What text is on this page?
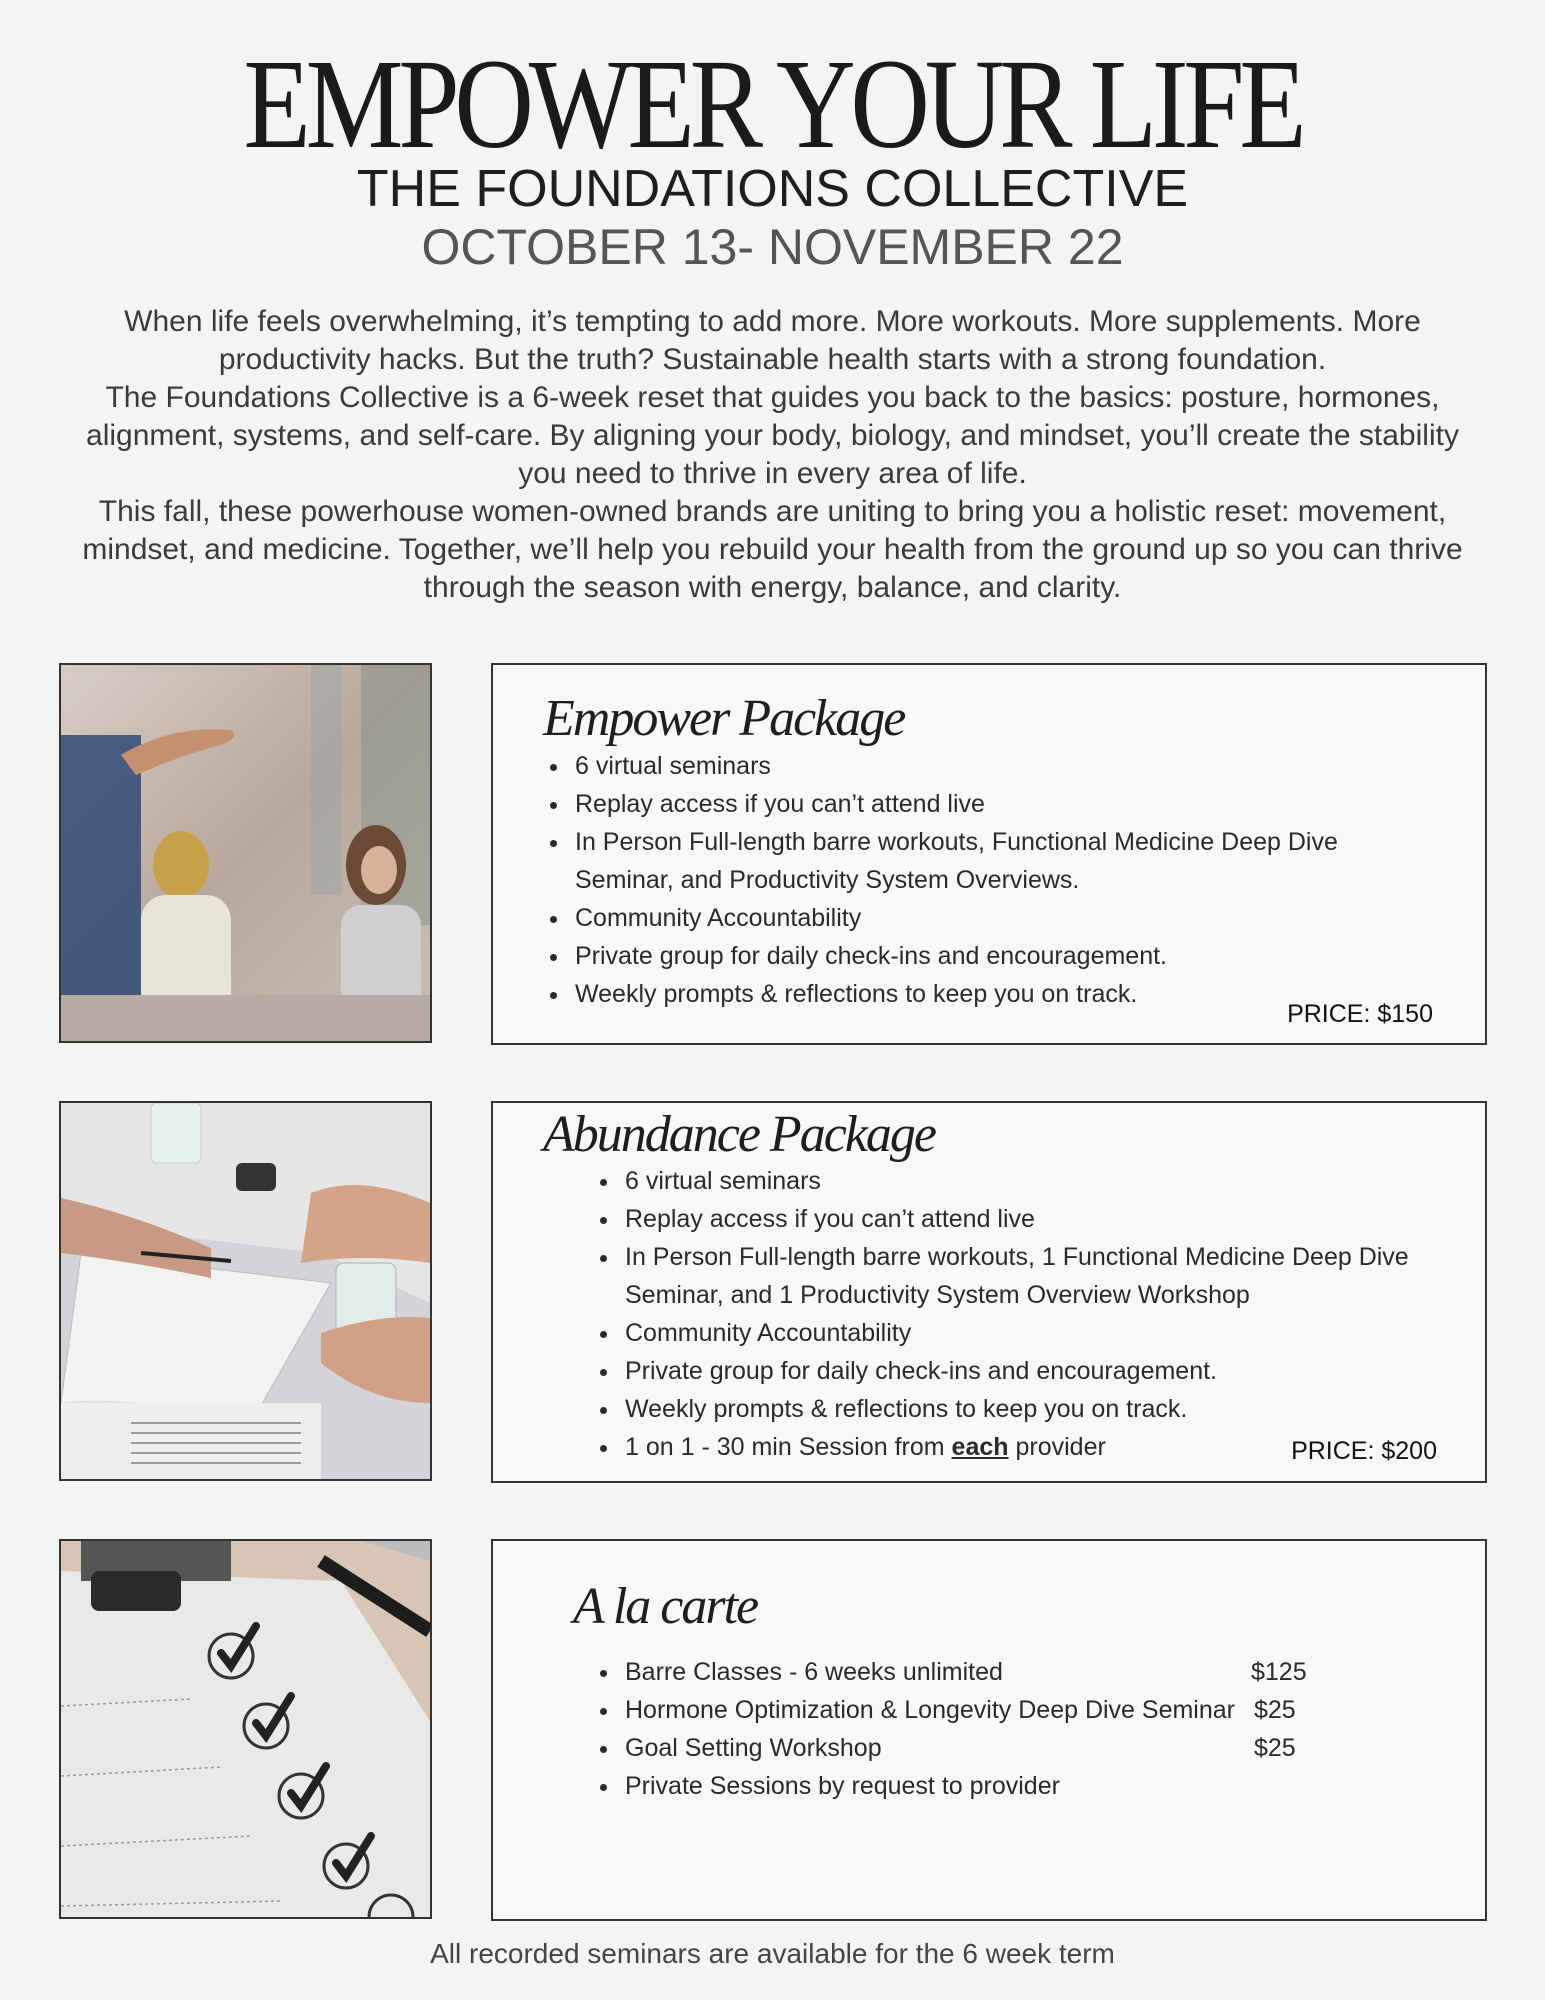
EMPOWER YOUR LIFE
THE FOUNDATIONS COLLECTIVE
OCTOBER 13- NOVEMBER 22
When life feels overwhelming, it’s tempting to add more. More workouts. More supplements. More productivity hacks. But the truth? Sustainable health starts with a strong foundation.
The Foundations Collective is a 6-week reset that guides you back to the basics: posture, hormones, alignment, systems, and self-care. By aligning your body, biology, and mindset, you’ll create the stability you need to thrive in every area of life.

This fall, these powerhouse women-owned brands are uniting to bring you a holistic reset: movement, mindset, and medicine. Together, we’ll help you rebuild your health from the ground up so you can thrive through the season with energy, balance, and clarity.

Empower Package
• 6 virtual seminars
• Replay access if you can’t attend live
• In Person Full-length barre workouts, Functional Medicine Deep Dive Seminar, and Productivity System Overviews.
• Community Accountability
• Private group for daily check-ins and encouragement.
• Weekly prompts & reflections to keep you on track.
PRICE: $150
Abundance Package
• 6 virtual seminars
• Replay access if you can’t attend live
• In Person Full-length barre workouts, 1 Functional Medicine Deep Dive Seminar, and 1 Productivity System Overview Workshop
• Community Accountability
• Private group for daily check-ins and encouragement.
• Weekly prompts & reflections to keep you on track.
• 1 on 1 - 30 min Session from each provider	PRICE: $200
A la carte
• Barre Classes - 6 weeks unlimited
• Hormone Optimization & Longevity Deep Dive Seminar
• Goal Setting Workshop
• Private Sessions by request to provider
$125
$25
$25
All recorded seminars are available for the 6 week term
